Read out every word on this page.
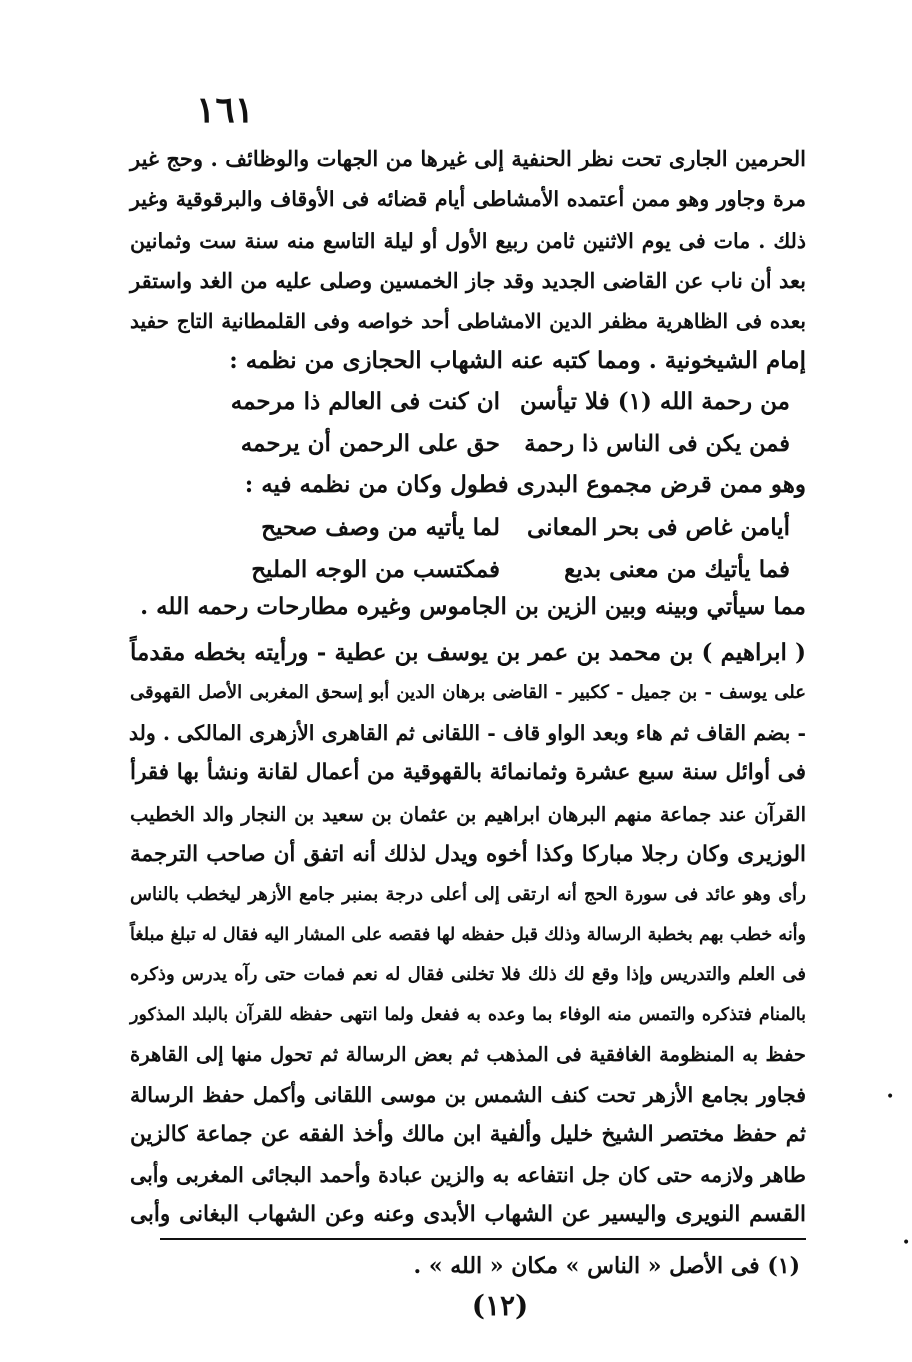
١٦١

الحرمين الجارى تحت نظر الحنفية إلى غيرها من الجهات والوظائف . وحج غير

مرة وجاور وهو ممن أعتمده الأمشاطى أيام قضائه فى الأوقاف والبرقوقية وغير

ذلك . مات فى يوم الاثنين ثامن ربيع الأول أو ليلة التاسع منه سنة ست وثمانين

بعد أن ناب عن القاضى الجديد وقد جاز الخمسين وصلى عليه من الغد واستقر

بعده فى الظاهرية مظفر الدين الامشاطى أحد خواصه وفى القلمطانية التاج حفيد

إمام الشيخونية . ومما كتبه عنه الشهاب الحجازى من نظمه :

من رحمة الله (١) فلا تيأسن
ان كنت فى العالم ذا مرحمه
فمن يكن فى الناس ذا رحمة
حق على الرحمن أن يرحمه

وهو ممن قرض مجموع البدرى فطول وكان من نظمه فيه :

أيامن غاص فى بحر المعانى
لما يأتيه من وصف صحيح
فما يأتيك من معنى بديع
فمكتسب من الوجه المليح

مما سيأتي وبينه وبين الزين بن الجاموس وغيره مطارحات رحمه الله .

( ابراهيم ) بن محمد بن عمر بن يوسف بن عطية - ورأيته بخطه مقدماً

على يوسف - بن جميل - ككبير - القاضى برهان الدين أبو إسحق المغربى الأصل القهوقى

- بضم القاف ثم هاء وبعد الواو قاف - اللقانى ثم القاهرى الأزهرى المالكى . ولد

فى أوائل سنة سبع عشرة وثمانمائة بالقهوقية من أعمال لقانة ونشأ بها فقرأ

القرآن عند جماعة منهم البرهان ابراهيم بن عثمان بن سعيد بن النجار والد الخطيب

الوزيرى وكان رجلا مباركا وكذا أخوه ويدل لذلك أنه اتفق أن صاحب الترجمة

رأى وهو عائد فى سورة الحج أنه ارتقى إلى أعلى درجة بمنبر جامع الأزهر ليخطب بالناس

وأنه خطب بهم بخطبة الرسالة وذلك قبل حفظه لها فقصه على المشار اليه فقال له تبلغ مبلغاً

فى العلم والتدريس وإذا وقع لك ذلك فلا تخلنى فقال له نعم فمات حتى رآه يدرس وذكره

بالمنام فتذكره والتمس منه الوفاء بما وعده به ففعل ولما انتهى حفظه للقرآن بالبلد المذكور

حفظ به المنظومة الغافقية فى المذهب ثم بعض الرسالة ثم تحول منها إلى القاهرة

فجاور بجامع الأزهر تحت كنف الشمس بن موسى اللقانى وأكمل حفظ الرسالة

ثم حفظ مختصر الشيخ خليل وألفية ابن مالك وأخذ الفقه عن جماعة كالزين

طاهر ولازمه حتى كان جل انتفاعه به والزين عبادة وأحمد البجائى المغربى وأبى

القسم النويرى واليسير عن الشهاب الأبدى وعنه وعن الشهاب البغانى وأبى

(١) فى الأصل « الناس » مكان « الله » .
(١٢)
•
•
